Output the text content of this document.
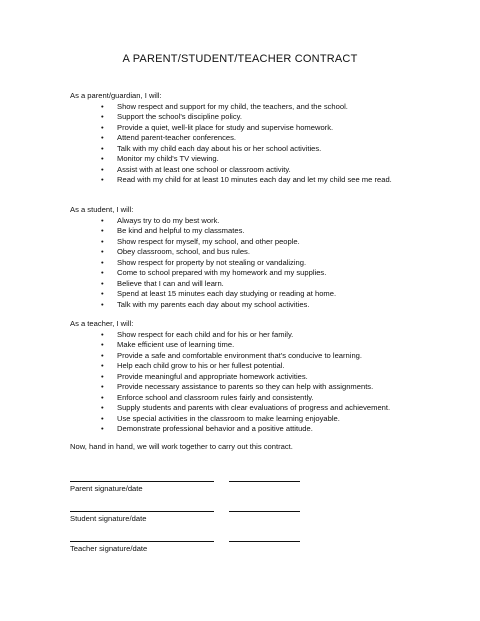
A PARENT/STUDENT/TEACHER CONTRACT

As a parent/guardian, I will:

• Show respect and support for my child, the teachers, and the school.
• Support the school's discipline policy.
• Provide a quiet, well-lit place for study and supervise homework.
• Attend parent-teacher conferences.
• Talk with my child each day about his or her school activities.
• Monitor my child's TV viewing.
• Assist with at least one school or classroom activity.
• Read with my child for at least 10 minutes each day and let my child see me read.

As a student, I will:

• Always try to do my best work.
• Be kind and helpful to my classmates.
• Show respect for myself, my school, and other people.
• Obey classroom, school, and bus rules.
• Show respect for property by not stealing or vandalizing.
• Come to school prepared with my homework and my supplies.
• Believe that I can and will learn.
• Spend at least 15 minutes each day studying or reading at home.
• Talk with my parents each day about my school activities.

As a teacher, I will:

• Show respect for each child and for his or her family.
• Make efficient use of learning time.
• Provide a safe and comfortable environment that's conducive to learning.
• Help each child grow to his or her fullest potential.
• Provide meaningful and appropriate homework activities.
• Provide necessary assistance to parents so they can help with assignments.
• Enforce school and classroom rules fairly and consistently.
• Supply students and parents with clear evaluations of progress and achievement.
• Use special activities in the classroom to make learning enjoyable.
• Demonstrate professional behavior and a positive attitude.

Now, hand in hand, we will work together to carry out this contract.

Parent signature/date
Student signature/date
Teacher signature/date
